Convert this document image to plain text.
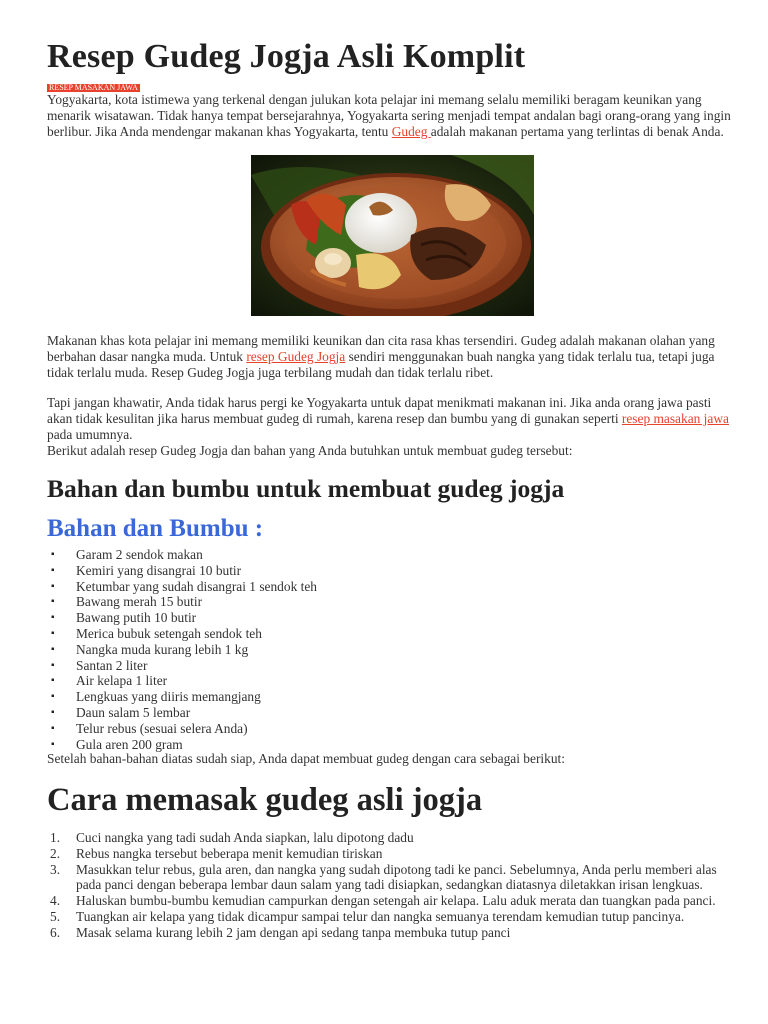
Resep Gudeg Jogja Asli Komplit
RESEP MASAKAN JAWA

Yogyakarta, kota istimewa yang terkenal dengan julukan kota pelajar ini memang selalu memiliki beragam keunikan yang menarik wisatawan. Tidak hanya tempat bersejarahnya, Yogyakarta sering menjadi tempat andalan bagi orang-orang yang ingin berlibur. Jika Anda mendengar makanan khas Yogyakarta, tentu Gudeg adalah makanan pertama yang terlintas di benak Anda.

Makanan khas kota pelajar ini memang memiliki keunikan dan cita rasa khas tersendiri. Gudeg adalah makanan olahan yang berbahan dasar nangka muda. Untuk resep Gudeg Jogja sendiri menggunakan buah nangka yang tidak terlalu tua, tetapi juga tidak terlalu muda. Resep Gudeg Jogja juga terbilang mudah dan tidak terlalu ribet.

Tapi jangan khawatir, Anda tidak harus pergi ke Yogyakarta untuk dapat menikmati makanan ini. Jika anda orang jawa pasti akan tidak kesulitan jika harus membuat gudeg di rumah, karena resep dan bumbu yang di gunakan seperti resep masakan jawa pada umumnya.

Berikut adalah resep Gudeg Jogja dan bahan yang Anda butuhkan untuk membuat gudeg tersebut:

Bahan dan bumbu untuk membuat gudeg jogja
Bahan dan Bumbu :
▪ Garam 2 sendok makan
▪ Kemiri yang disangrai 10 butir
▪ Ketumbar yang sudah disangrai 1 sendok teh
▪ Bawang merah 15 butir
▪ Bawang putih 10 butir
▪ Merica bubuk setengah sendok teh
▪ Nangka muda kurang lebih 1 kg
▪ Santan 2 liter
▪ Air kelapa 1 liter
▪ Lengkuas yang diiris memangjang
▪ Daun salam 5 lembar
▪ Telur rebus (sesuai selera Anda)
▪ Gula aren 200 gram

Setelah bahan-bahan diatas sudah siap, Anda dapat membuat gudeg dengan cara sebagai berikut:

Cara memasak gudeg asli jogja
1. Cuci nangka yang tadi sudah Anda siapkan, lalu dipotong dadu
2. Rebus nangka tersebut beberapa menit kemudian tiriskan
3. Masukkan telur rebus, gula aren, dan nangka yang sudah dipotong tadi ke panci. Sebelumnya, Anda perlu memberi alas pada panci dengan beberapa lembar daun salam yang tadi disiapkan, sedangkan diatasnya diletakkan irisan lengkuas.
4. Haluskan bumbu-bumbu kemudian campurkan dengan setengah air kelapa. Lalu aduk merata dan tuangkan pada panci.
5. Tuangkan air kelapa yang tidak dicampur sampai telur dan nangka semuanya terendam kemudian tutup pancinya.
6. Masak selama kurang lebih 2 jam dengan api sedang tanpa membuka tutup panci
